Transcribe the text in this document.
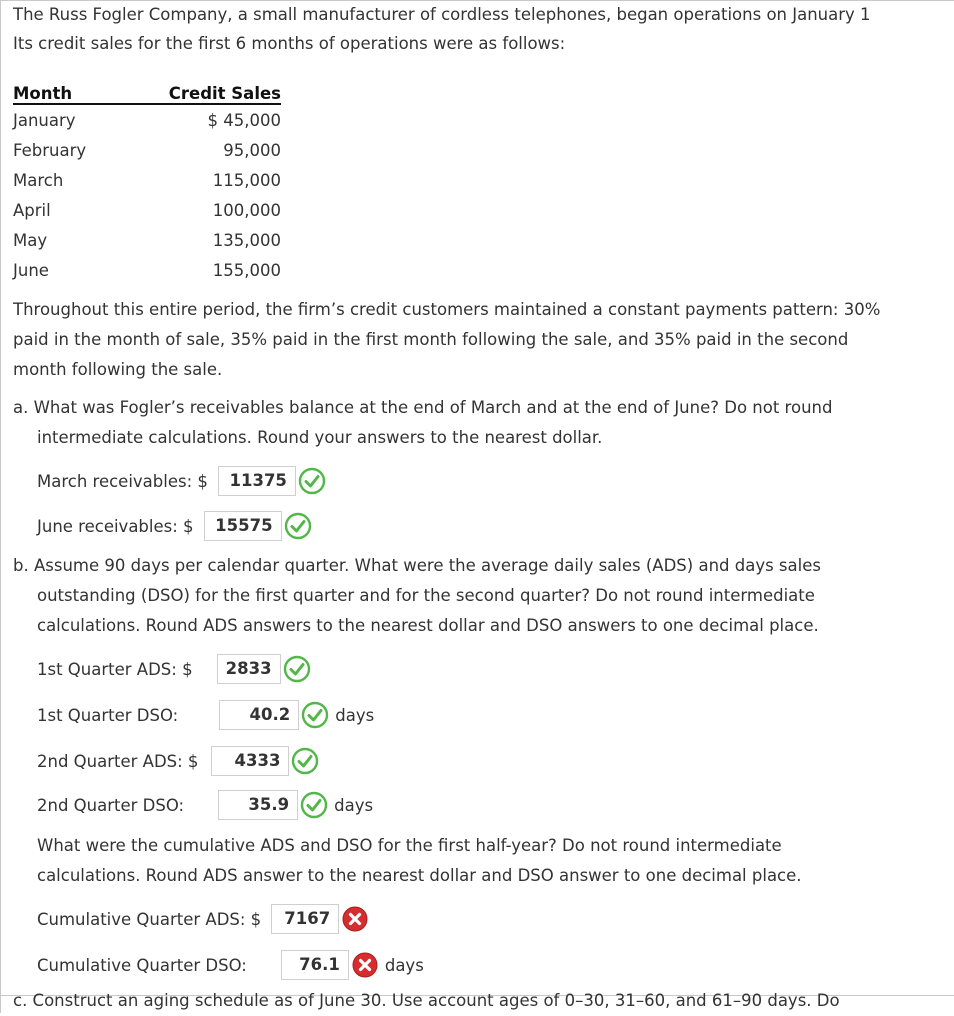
The Russ Fogler Company, a small manufacturer of cordless telephones, began operations on January 1
Its credit sales for the first 6 months of operations were as follows:
Month	Credit Sales
January	$ 45,000
February	95,000
March	115,000
April	100,000
May	135,000
June	155,000
Throughout this entire period, the firm’s credit customers maintained a constant payments pattern: 30%
paid in the month of sale, 35% paid in the first month following the sale, and 35% paid in the second
month following the sale.
a. What was Fogler’s receivables balance at the end of March and at the end of June? Do not round
intermediate calculations. Round your answers to the nearest dollar.
March receivables: $	11375
June receivables: $	15575
b. Assume 90 days per calendar quarter. What were the average daily sales (ADS) and days sales
outstanding (DSO) for the first quarter and for the second quarter? Do not round intermediate
calculations. Round ADS answers to the nearest dollar and DSO answers to one decimal place.
1st Quarter ADS: $	2833
1st Quarter DSO:	40.2	days
2nd Quarter ADS: $	4333
2nd Quarter DSO:	35.9	days
What were the cumulative ADS and DSO for the first half-year? Do not round intermediate
calculations. Round ADS answer to the nearest dollar and DSO answer to one decimal place.
Cumulative Quarter ADS: $	7167
Cumulative Quarter DSO:	76.1	days
c. Construct an aging schedule as of June 30. Use account ages of 0–30, 31–60, and 61–90 days. Do
